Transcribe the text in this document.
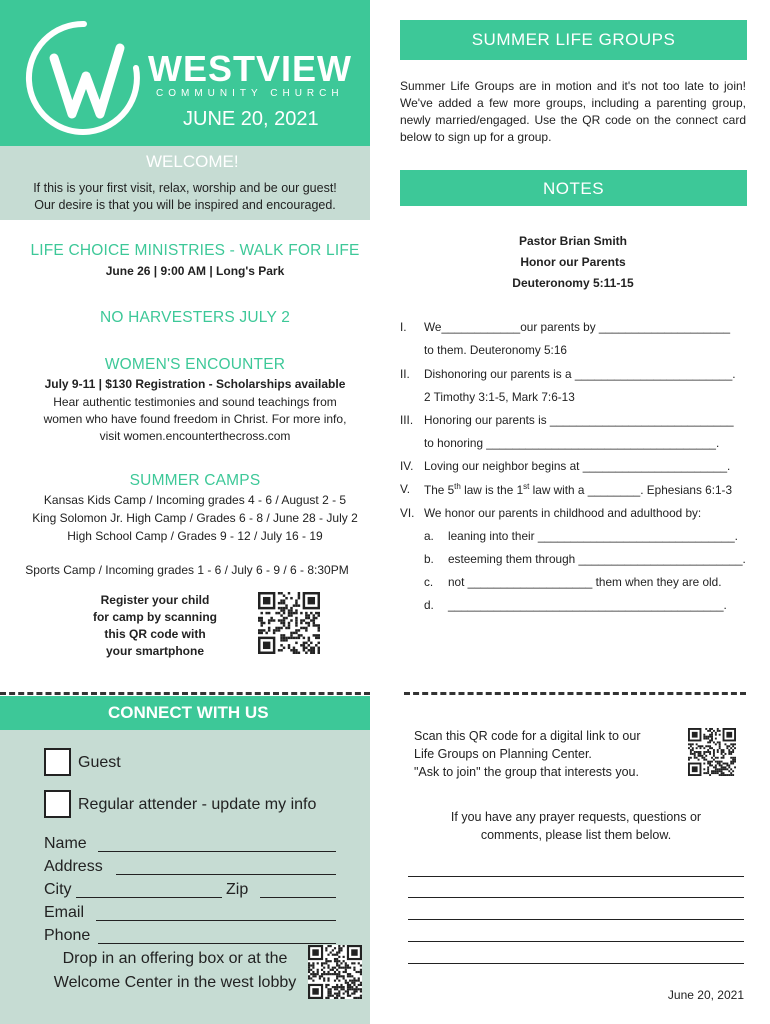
WESTVIEW
COMMUNITY CHURCH
JUNE 20, 2021
WELCOME!
If this is your first visit, relax, worship and be our guest!
Our desire is that you will be inspired and encouraged.
LIFE CHOICE MINISTRIES - WALK FOR LIFE
June 26 | 9:00 AM | Long's Park
NO HARVESTERS JULY 2
WOMEN'S ENCOUNTER
July 9-11 | $130 Registration - Scholarships available
Hear authentic testimonies and sound teachings from
women who have found freedom in Christ. For more info,
visit women.encounterthecross.com
SUMMER CAMPS
Kansas Kids Camp / Incoming grades 4 - 6 / August 2 - 5
King Solomon Jr. High Camp / Grades 6 - 8 / June 28 - July 2
High School Camp / Grades 9 - 12 / July 16 - 19
Sports Camp / Incoming grades 1 - 6 / July 6 - 9 / 6 - 8:30PM
Register your child
for camp by scanning
this QR code with
your smartphone
CONNECT WITH US
Guest
Regular attender - update my info
Name
Address
City	Zip
Email
Phone
Drop in an offering box or at the
Welcome Center in the west lobby
SUMMER LIFE GROUPS
Summer Life Groups are in motion and it's not too late to join! We've added a few more groups, including a parenting group, newly married/engaged. Use the QR code on the connect card below to sign up for a group.
NOTES
Pastor Brian Smith
Honor our Parents
Deuteronomy 5:11-15
I. We____________our parents by ____________________
to them. Deuteronomy 5:16
II. Dishonoring our parents is a ________________________.
2 Timothy 3:1-5, Mark 7:6-13
III. Honoring our parents is ____________________________
to honoring ___________________________________.
IV. Loving our neighbor begins at ______________________.
V. The 5th law is the 1st law with a ________. Ephesians 6:1-3
VI. We honor our parents in childhood and adulthood by:
a. leaning into their ______________________________.
b. esteeming them through _________________________.
c. not ___________________ them when they are old.
d. __________________________________________.
Scan this QR code for a digital link to our
Life Groups on Planning Center.
"Ask to join" the group that interests you.
If you have any prayer requests, questions or
comments, please list them below.
June 20, 2021
